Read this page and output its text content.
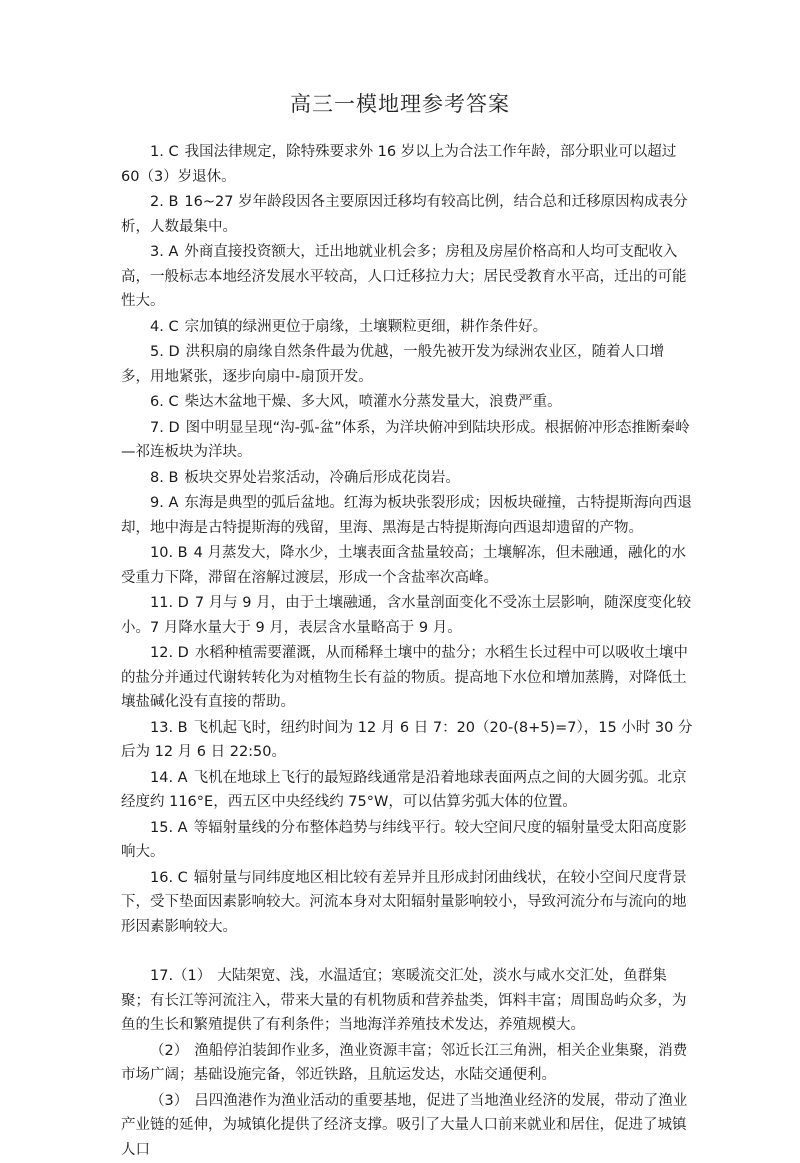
高三一模地理参考答案

1. C 我国法律规定，除特殊要求外 16 岁以上为合法工作年龄，部分职业可以超过 60（3）岁退休。

2. B 16~27 岁年龄段因各主要原因迁移均有较高比例，结合总和迁移原因构成表分析，人数最集中。

3. A 外商直接投资额大，迁出地就业机会多；房租及房屋价格高和人均可支配收入高，一般标志本地经济发展水平较高，人口迁移拉力大；居民受教育水平高，迁出的可能性大。

4. C 宗加镇的绿洲更位于扇缘，土壤颗粒更细，耕作条件好。

5. D 洪积扇的扇缘自然条件最为优越，一般先被开发为绿洲农业区，随着人口增多，用地紧张，逐步向扇中-扇顶开发。

6. C 柴达木盆地干燥、多大风，喷灌水分蒸发量大，浪费严重。

7. D 图中明显呈现“沟-弧-盆”体系，为洋块俯冲到陆块形成。根据俯冲形态推断秦岭—祁连板块为洋块。

8. B 板块交界处岩浆活动，冷确后形成花岗岩。

9. A 东海是典型的弧后盆地。红海为板块张裂形成；因板块碰撞，古特提斯海向西退却，地中海是古特提斯海的残留，里海、黑海是古特提斯海向西退却遗留的产物。

10. B 4 月蒸发大，降水少，土壤表面含盐量较高；土壤解冻，但未融通，融化的水受重力下降，滞留在溶解过渡层，形成一个含盐率次高峰。

11. D 7 月与 9 月，由于土壤融通，含水量剖面变化不受冻土层影响，随深度变化较小。7 月降水量大于 9 月，表层含水量略高于 9 月。

12. D 水稻种植需要灌溉，从而稀释土壤中的盐分；水稻生长过程中可以吸收土壤中的盐分并通过代谢转转化为对植物生长有益的物质。提高地下水位和增加蒸腾，对降低土壤盐碱化没有直接的帮助。

13. B 飞机起飞时，纽约时间为 12 月 6 日 7：20（20-(8+5)=7），15 小时 30 分后为 12 月 6 日 22:50。

14. A 飞机在地球上飞行的最短路线通常是沿着地球表面两点之间的大圆劣弧。北京经度约 116°E，西五区中央经线约 75°W，可以估算劣弧大体的位置。

15. A 等辐射量线的分布整体趋势与纬线平行。较大空间尺度的辐射量受太阳高度影响大。

16. C 辐射量与同纬度地区相比较有差异并且形成封闭曲线状，在较小空间尺度背景下，受下垫面因素影响较大。河流本身对太阳辐射量影响较小，导致河流分布与流向的地形因素影响较大。

17.（1） 大陆架宽、浅，水温适宜；寒暖流交汇处，淡水与咸水交汇处，鱼群集聚；有长江等河流注入，带来大量的有机物质和营养盐类，饵料丰富；周围岛屿众多，为鱼的生长和繁殖提供了有利条件；当地海洋养殖技术发达，养殖规模大。

（2） 渔船停泊装卸作业多，渔业资源丰富；邻近长江三角洲，相关企业集聚，消费市场广阔；基础设施完备，邻近铁路，且航运发达，水陆交通便利。

（3） 吕四渔港作为渔业活动的重要基地，促进了当地渔业经济的发展，带动了渔业产业链的延伸，为城镇化提供了经济支撑。吸引了大量人口前来就业和居住，促进了城镇人口
